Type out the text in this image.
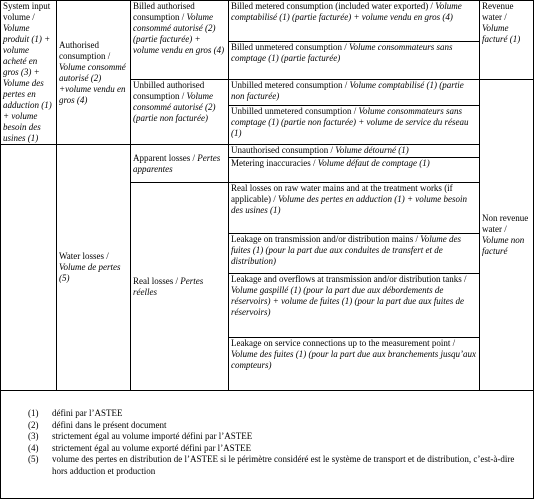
System input volume / Volume produit (1) + volume acheté en gros (3) + Volume des pertes en adduction (1) + volume besoin des usines (1)	Authorised consumption / Volume consommé autorisé (2) +volume vendu en gros (4)	Billed authorised consumption / Volume consommé autorisé (2) (partie facturée) + volume vendu en gros (4)	Billed metered consumption (included water exported) / Volume comptabilisé (1) (partie facturée) + volume vendu en gros (4)	Revenue water / Volume facturé (1)
			Billed unmetered consumption / Volume consommateurs sans comptage (1) (partie facturée)	
		Unbilled authorised consumption / Volume consommé autorisé (2) (partie non facturée)	Unbilled metered consumption / Volume comptabilisé (1) (partie non facturée)	Non revenue water / Volume non facturé
			Unbilled unmetered consumption / Volume consommateurs sans comptage (1) (partie non facturée) + volume de service du réseau (1)	
	Water losses / Volume de pertes (5)	Apparent losses / Pertes apparentes	Unauthorised consumption / Volume détourné (1)	
			Metering inaccuracies / Volume défaut de comptage (1)	
		Real losses / Pertes réelles	Real losses on raw water mains and at the treatment works (if applicable) / Volume des pertes en adduction (1) + volume besoin des usines (1)	
			Leakage on transmission and/or distribution mains / Volume des fuites (1) (pour la part due aux conduites de transfert et de distribution)	
			Leakage and overflows at transmission and/or distribution tanks / Volume gaspillé (1) (pour la part due aux débordements de réservoirs) + volume de fuites (1) (pour la part due aux fuites de réservoirs)	
			Leakage on service connections up to the measurement point / Volume des fuites (1) (pour la part due aux branchements jusqu’aux compteurs)	
(1)	défini par l’ASTEE
(2)	défini dans le présent document
(3)	strictement égal au volume importé défini par l’ASTEE
(4)	strictement égal au volume exporté défini par l’ASTEE
(5)	volume des pertes en distribution de l’ASTEE si le périmètre considéré est le système de transport et de distribution, c’est-à-dire hors adduction et production
